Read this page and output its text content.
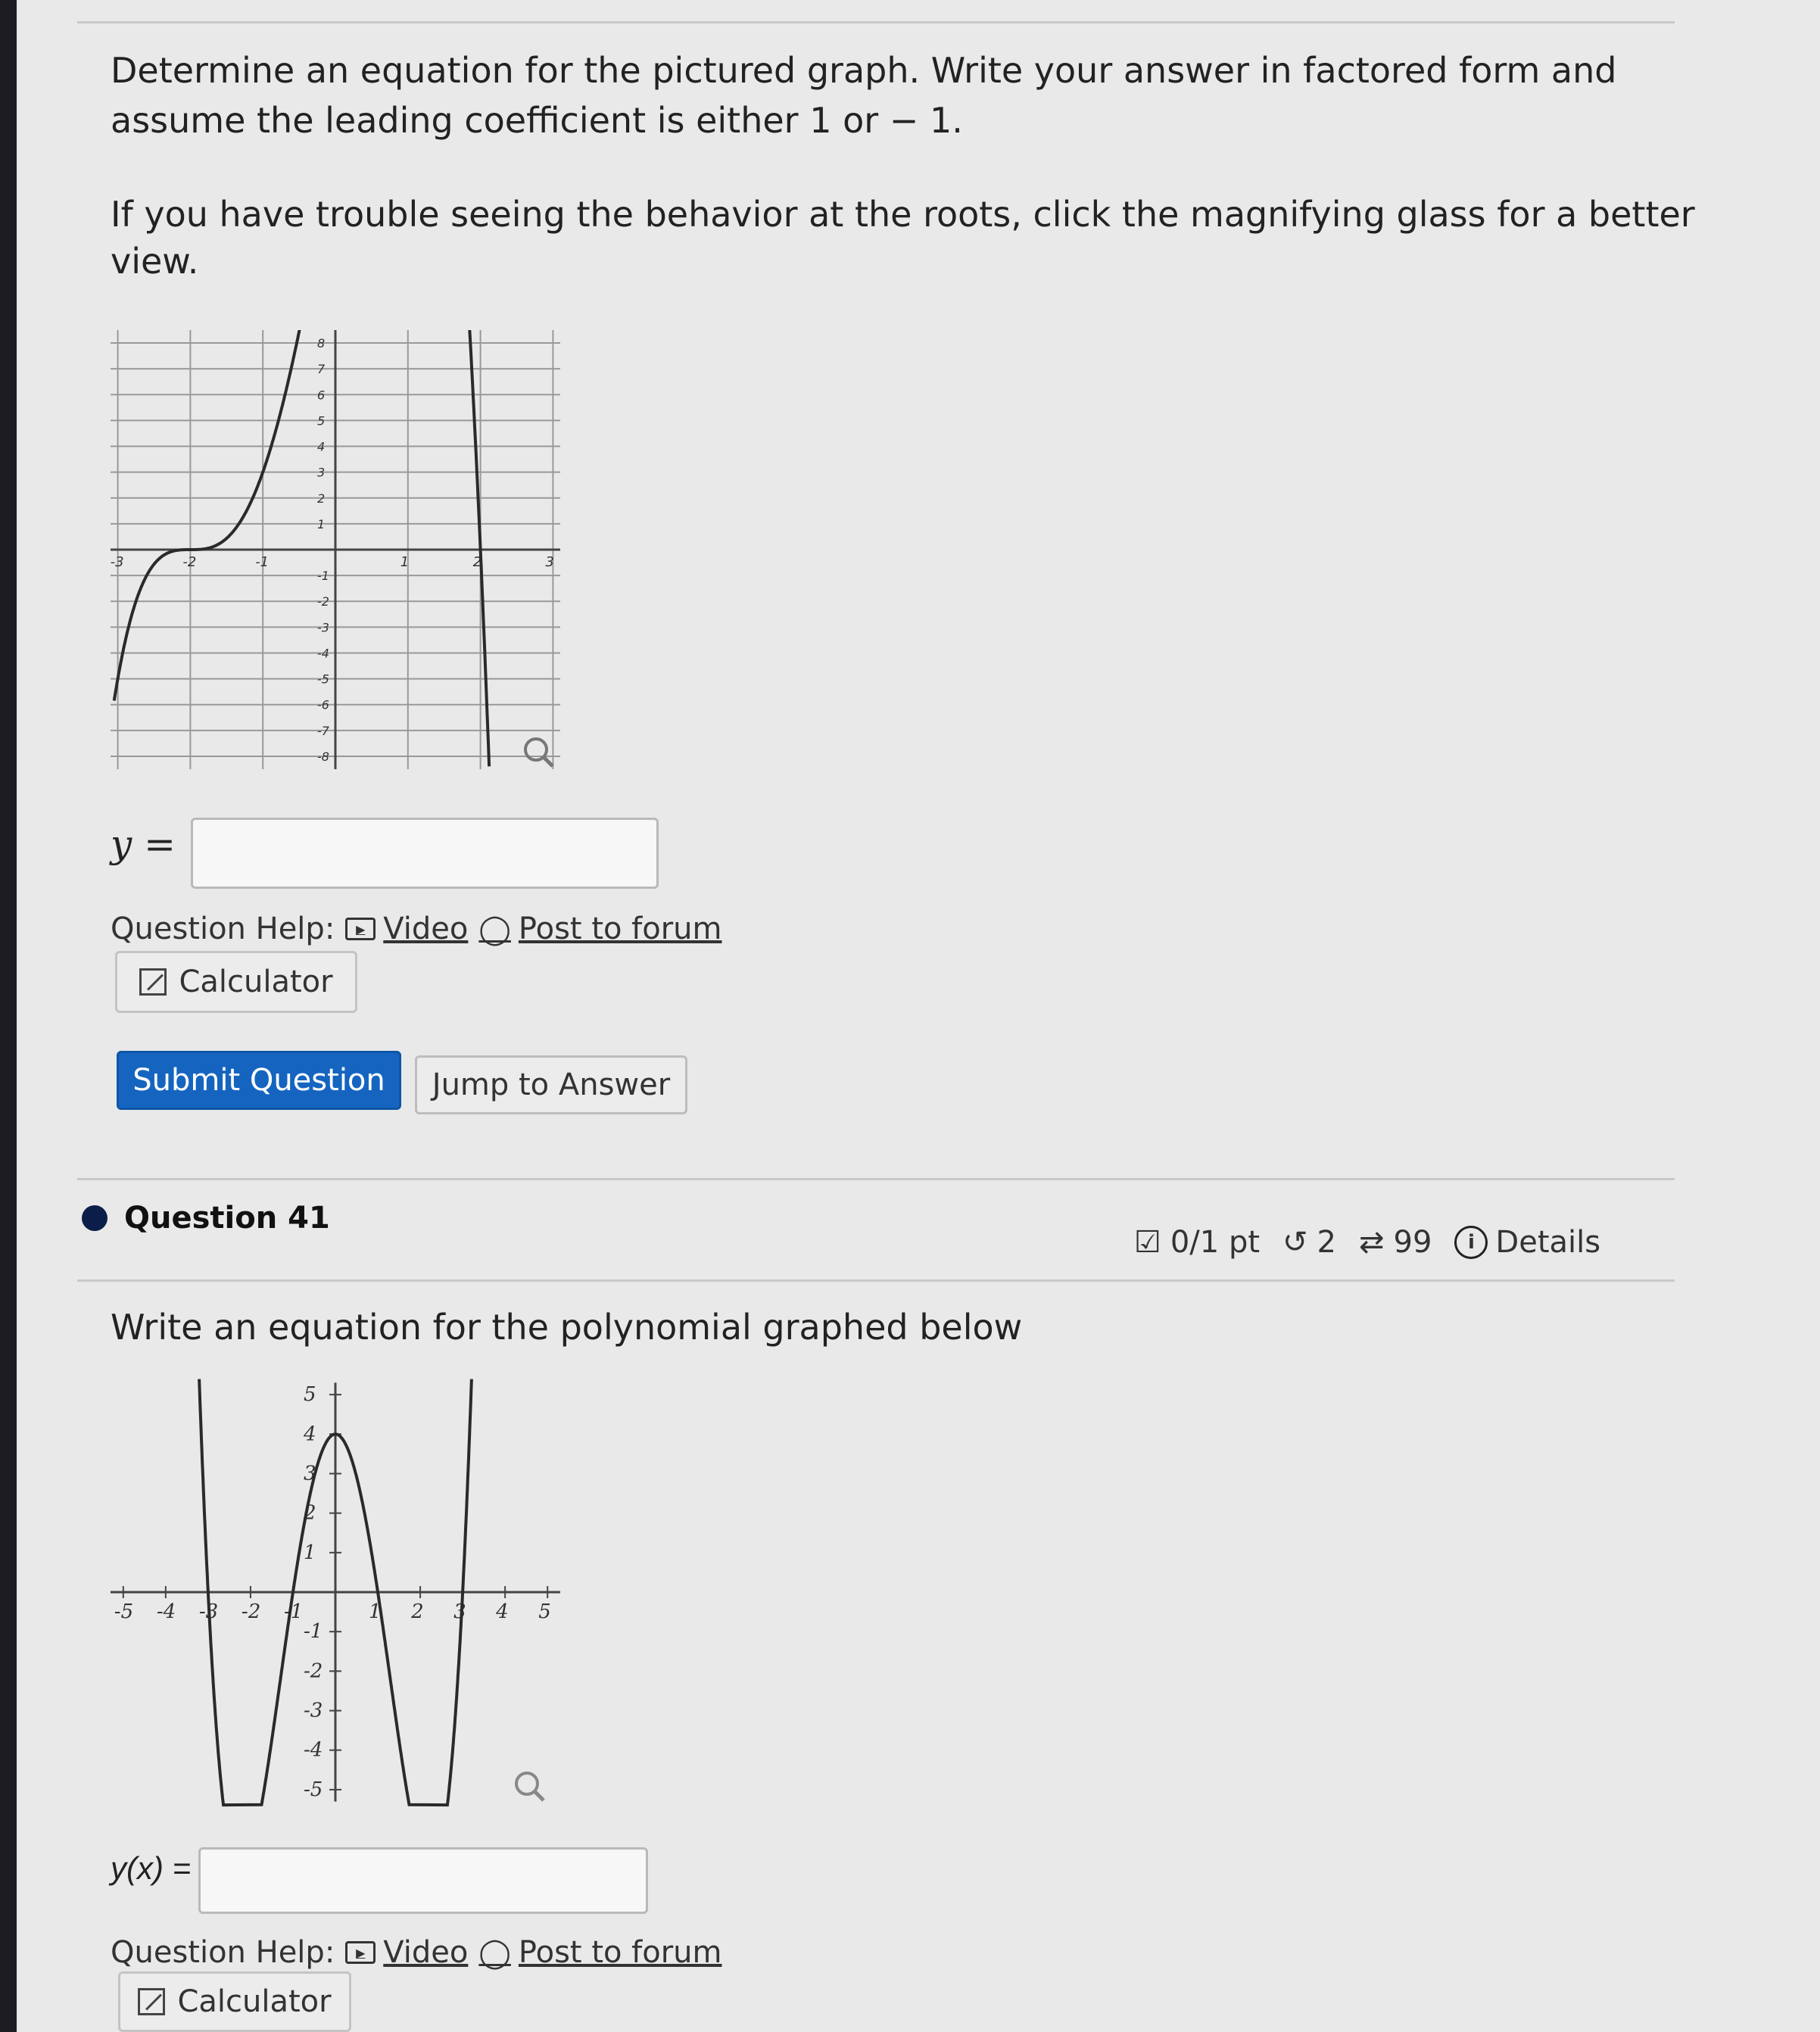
Determine an equation for the pictured graph. Write your answer in factored form and
assume the leading coefficient is either 1 or − 1.
If you have trouble seeing the behavior at the roots, click the magnifying glass for a better
view.
-3	-2	-1	1	2	3
8
7
6
5
4
3
2
1
-1
-2
-3
-4
-5
-6
-7
-8
y =
Question Help:	▶ Video ◯ Post to forum
Calculator
Submit Question	Jump to Answer
Question 41
☑ 0/1 pt ↺ 2 ⇄ 99	i Details
Write an equation for the polynomial graphed below
-5 -4 -3 -2 -1	1 2 3 4 5
5
4
3
2
1
-1
-2
-3
-4
-5
y(x) =
Question Help:	▶ Video ◯ Post to forum
Calculator
